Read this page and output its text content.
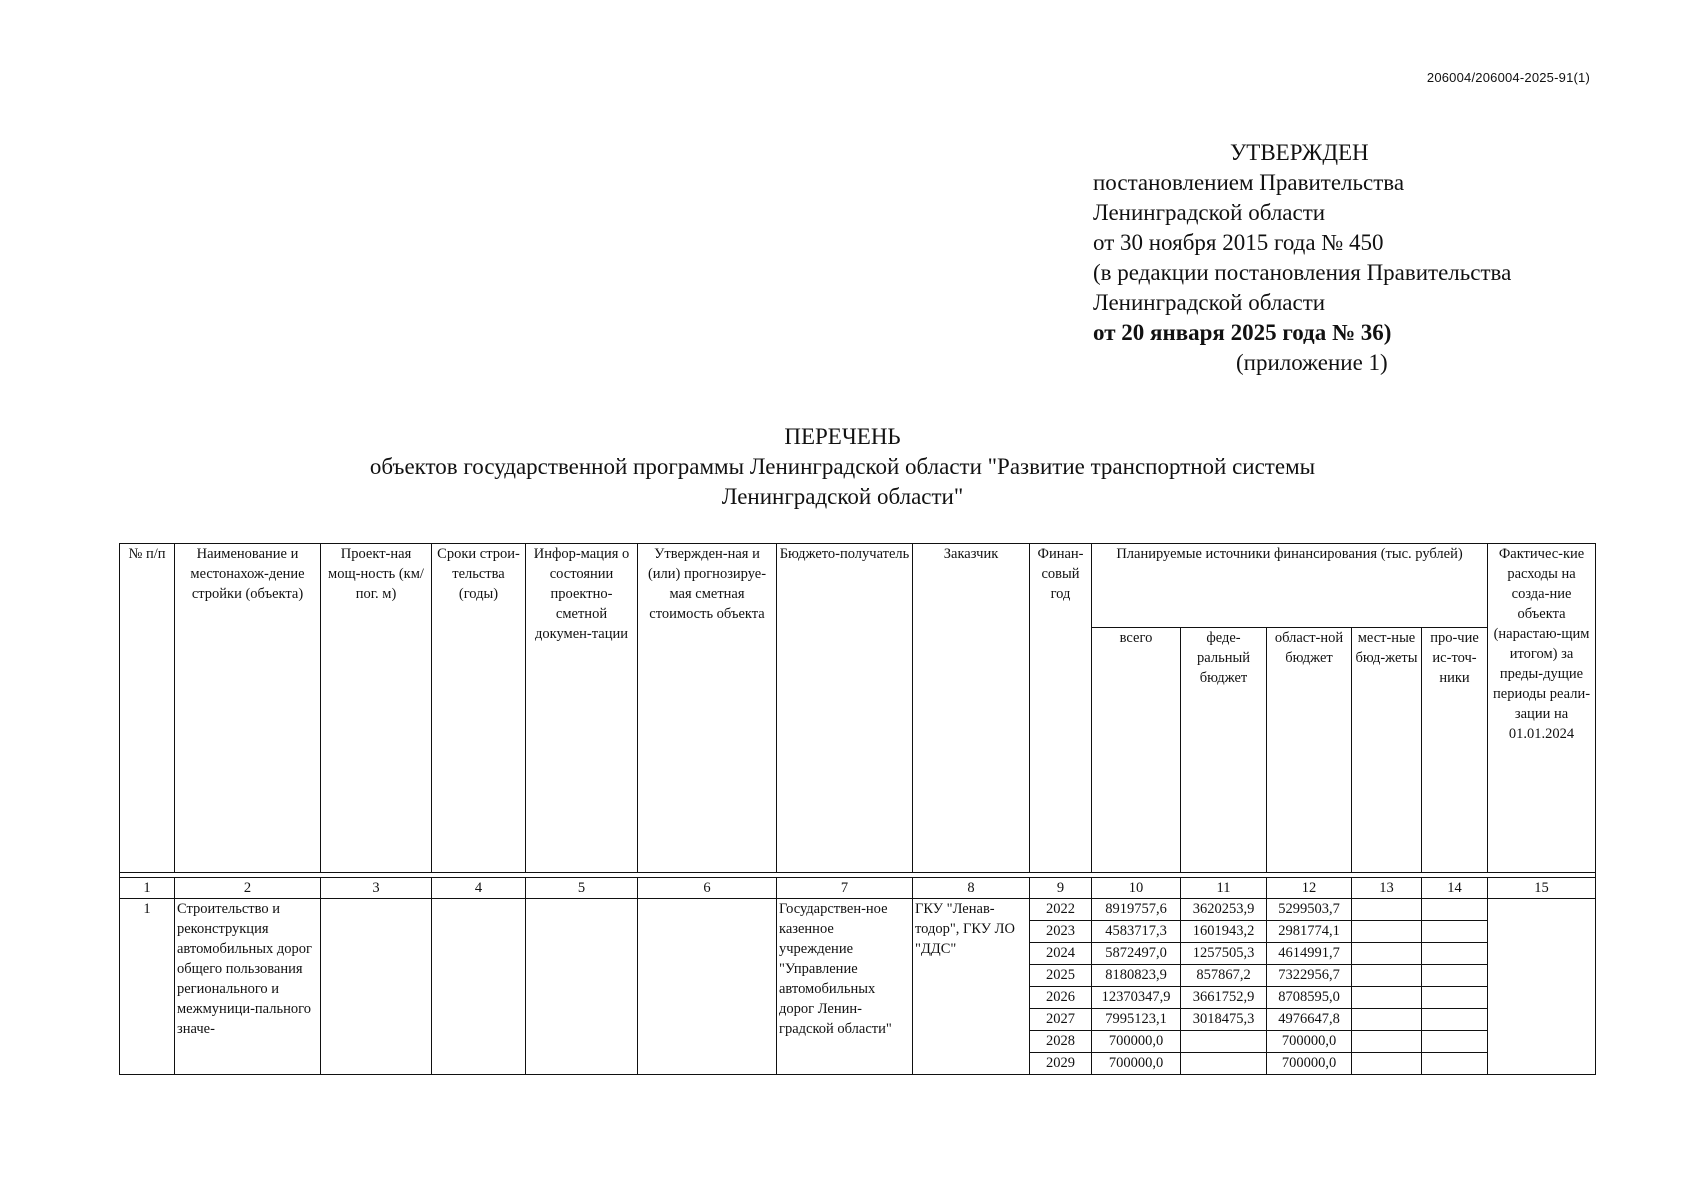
206004/206004-2025-91(1)
УТВЕРЖДЕН
постановлением Правительства
Ленинградской области
от 30 ноября 2015 года № 450
(в редакции постановления Правительства
Ленинградской области
от 20 января 2025 года № 36)
(приложение 1)
ПЕРЕЧЕНЬ
объектов государственной программы Ленинградской области "Развитие транспортной системы
Ленинградской области"
№ п/п	Наименование и местонахож-дение стройки (объекта)	Проект-ная мощ-ность (км/пог. м)	Сроки строи-тельства (годы)	Инфор-мация о состоянии проектно-сметной докумен-тации	Утвержден-ная и (или) прогнозируе-мая сметная стоимость объекта	Бюджето-получатель	Заказчик	Финан-совый год	Планируемые источники финансирования (тыс. рублей)					Фактичес-кие расходы на созда-ние объекта (нарастаю-щим итогом) за преды-дущие периоды реали-зации на 01.01.2024
									всего	феде-ральный бюджет	област-ной бюджет	мест-ные бюд-жеты	про-чие ис-точ-ники	

1	2	3	4	5	6	7	8	9	10	11	12	13	14	15
1	Строительство и реконструкция автомобильных дорог общего пользования регионального и межмуници-пального значе-					Государствен-ное казенное учреждение "Управление автомобильных дорог Ленин-градской области"	ГКУ "Ленав-тодор", ГКУ ЛО "ДДС"	2022	8919757,6	3620253,9	5299503,7			
								2023	4583717,3	1601943,2	2981774,1			
								2024	5872497,0	1257505,3	4614991,7			
								2025	8180823,9	857867,2	7322956,7			
								2026	12370347,9	3661752,9	8708595,0			
								2027	7995123,1	3018475,3	4976647,8			
								2028	700000,0		700000,0			
								2029	700000,0		700000,0			
